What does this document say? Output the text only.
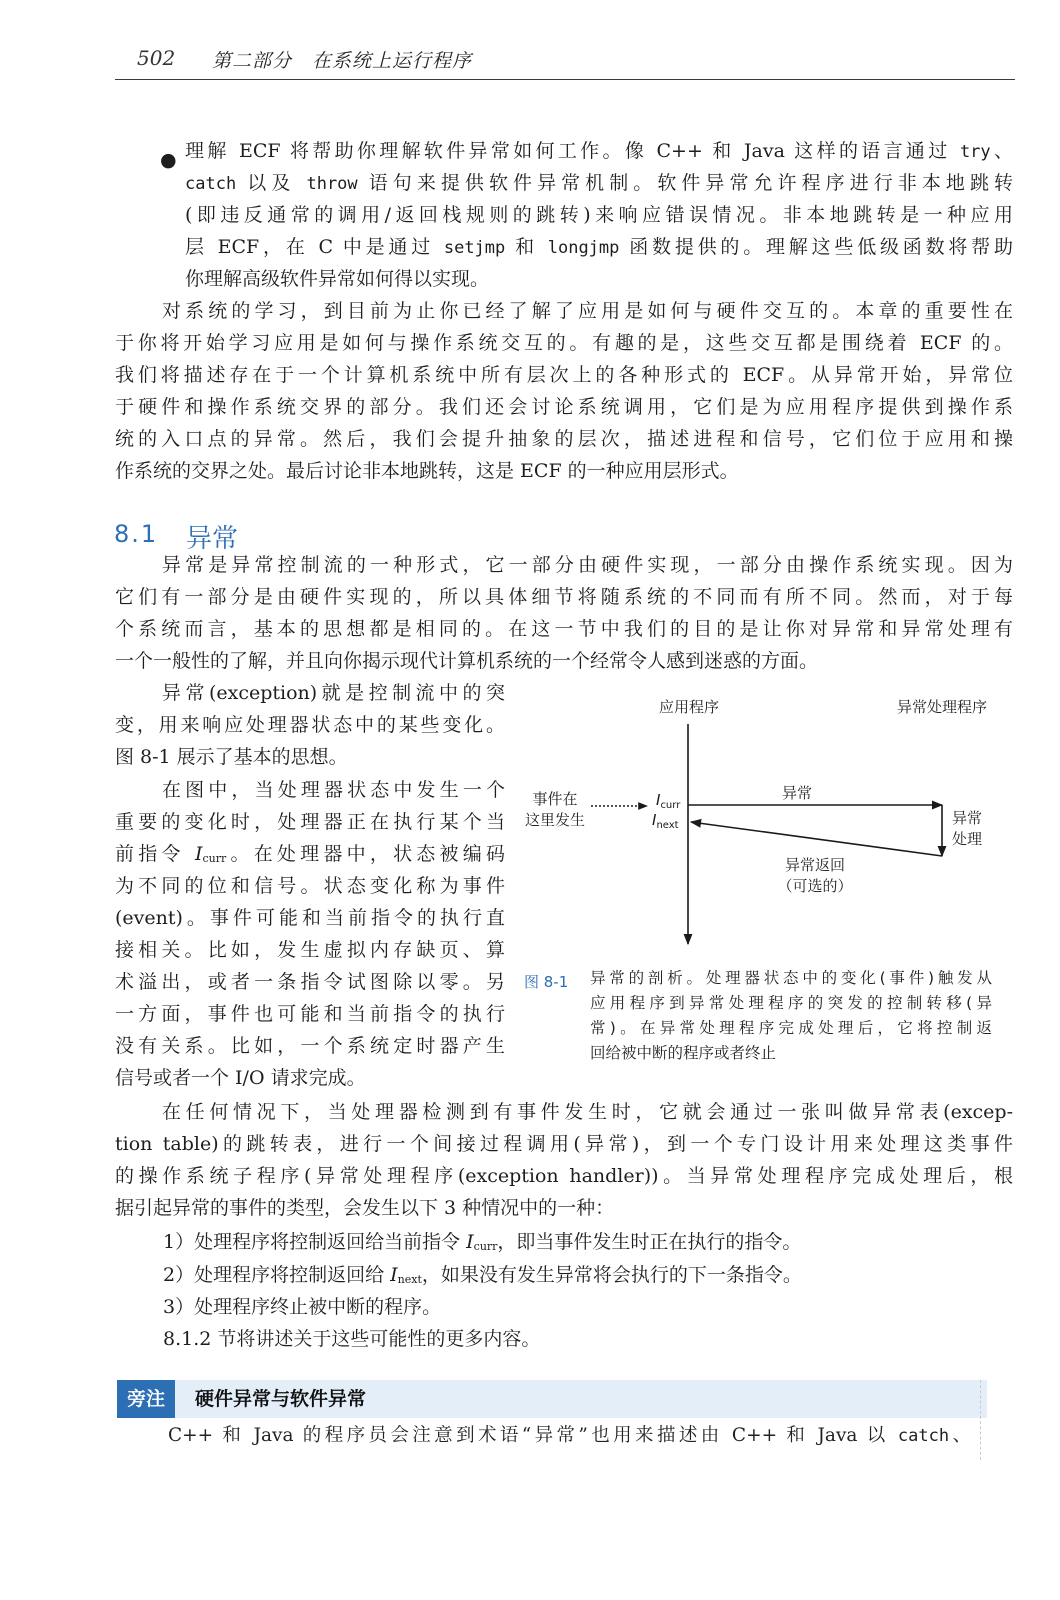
502 第二部分　在系统上运行程序
● 理解 ECF 将帮助你理解软件异常如何工作。像 C++ 和 Java 这样的语言通过 try、
catch 以及 throw 语句来提供软件异常机制。软件异常允许程序进行非本地跳转
(即违反通常的调用/返回栈规则的跳转)来响应错误情况。非本地跳转是一种应用
层 ECF，在 C 中是通过 setjmp 和 longjmp 函数提供的。理解这些低级函数将帮助
你理解高级软件异常如何得以实现。
对系统的学习，到目前为止你已经了解了应用是如何与硬件交互的。本章的重要性在
于你将开始学习应用是如何与操作系统交互的。有趣的是，这些交互都是围绕着 ECF 的。
我们将描述存在于一个计算机系统中所有层次上的各种形式的 ECF。从异常开始，异常位
于硬件和操作系统交界的部分。我们还会讨论系统调用，它们是为应用程序提供到操作系
统的入口点的异常。然后，我们会提升抽象的层次，描述进程和信号，它们位于应用和操
作系统的交界之处。最后讨论非本地跳转，这是 ECF 的一种应用层形式。
8.1 异常
异常是异常控制流的一种形式，它一部分由硬件实现，一部分由操作系统实现。因为
它们有一部分是由硬件实现的，所以具体细节将随系统的不同而有所不同。然而，对于每
个系统而言，基本的思想都是相同的。在这一节中我们的目的是让你对异常和异常处理有
一个一般性的了解，并且向你揭示现代计算机系统的一个经常令人感到迷惑的方面。
异常(exception)就是控制流中的突
变，用来响应处理器状态中的某些变化。
图 8-1 展示了基本的思想。
在图中，当处理器状态中发生一个
重要的变化时，处理器正在执行某个当
前指令 Icurr。在处理器中，状态被编码
为不同的位和信号。状态变化称为事件
(event)。事件可能和当前指令的执行直
接相关。比如，发生虚拟内存缺页、算
术溢出，或者一条指令试图除以零。另
一方面，事件也可能和当前指令的执行
没有关系。比如，一个系统定时器产生
信号或者一个 I/O 请求完成。
应用程序	异常处理程序
事件在
这里发生
$I_{curr}$
$I_{next}$
异常
异常
处理
异常返回
（可选的）
图 8-1 异常的剖析。处理器状态中的变化(事件)触发从
应用程序到异常处理程序的突发的控制转移(异
常)。在异常处理程序完成处理后，它将控制返
回给被中断的程序或者终止
在任何情况下，当处理器检测到有事件发生时，它就会通过一张叫做异常表(excep-
tion table)的跳转表，进行一个间接过程调用(异常)，到一个专门设计用来处理这类事件
的操作系统子程序(异常处理程序(exception handler))。当异常处理程序完成处理后，根
据引起异常的事件的类型，会发生以下 3 种情况中的一种：
1）处理程序将控制返回给当前指令 Icurr，即当事件发生时正在执行的指令。
2）处理程序将控制返回给 Inext，如果没有发生异常将会执行的下一条指令。
3）处理程序终止被中断的程序。
8.1.2 节将讲述关于这些可能性的更多内容。
旁注	硬件异常与软件异常
C++ 和 Java 的程序员会注意到术语“异常”也用来描述由 C++ 和 Java 以 catch、
